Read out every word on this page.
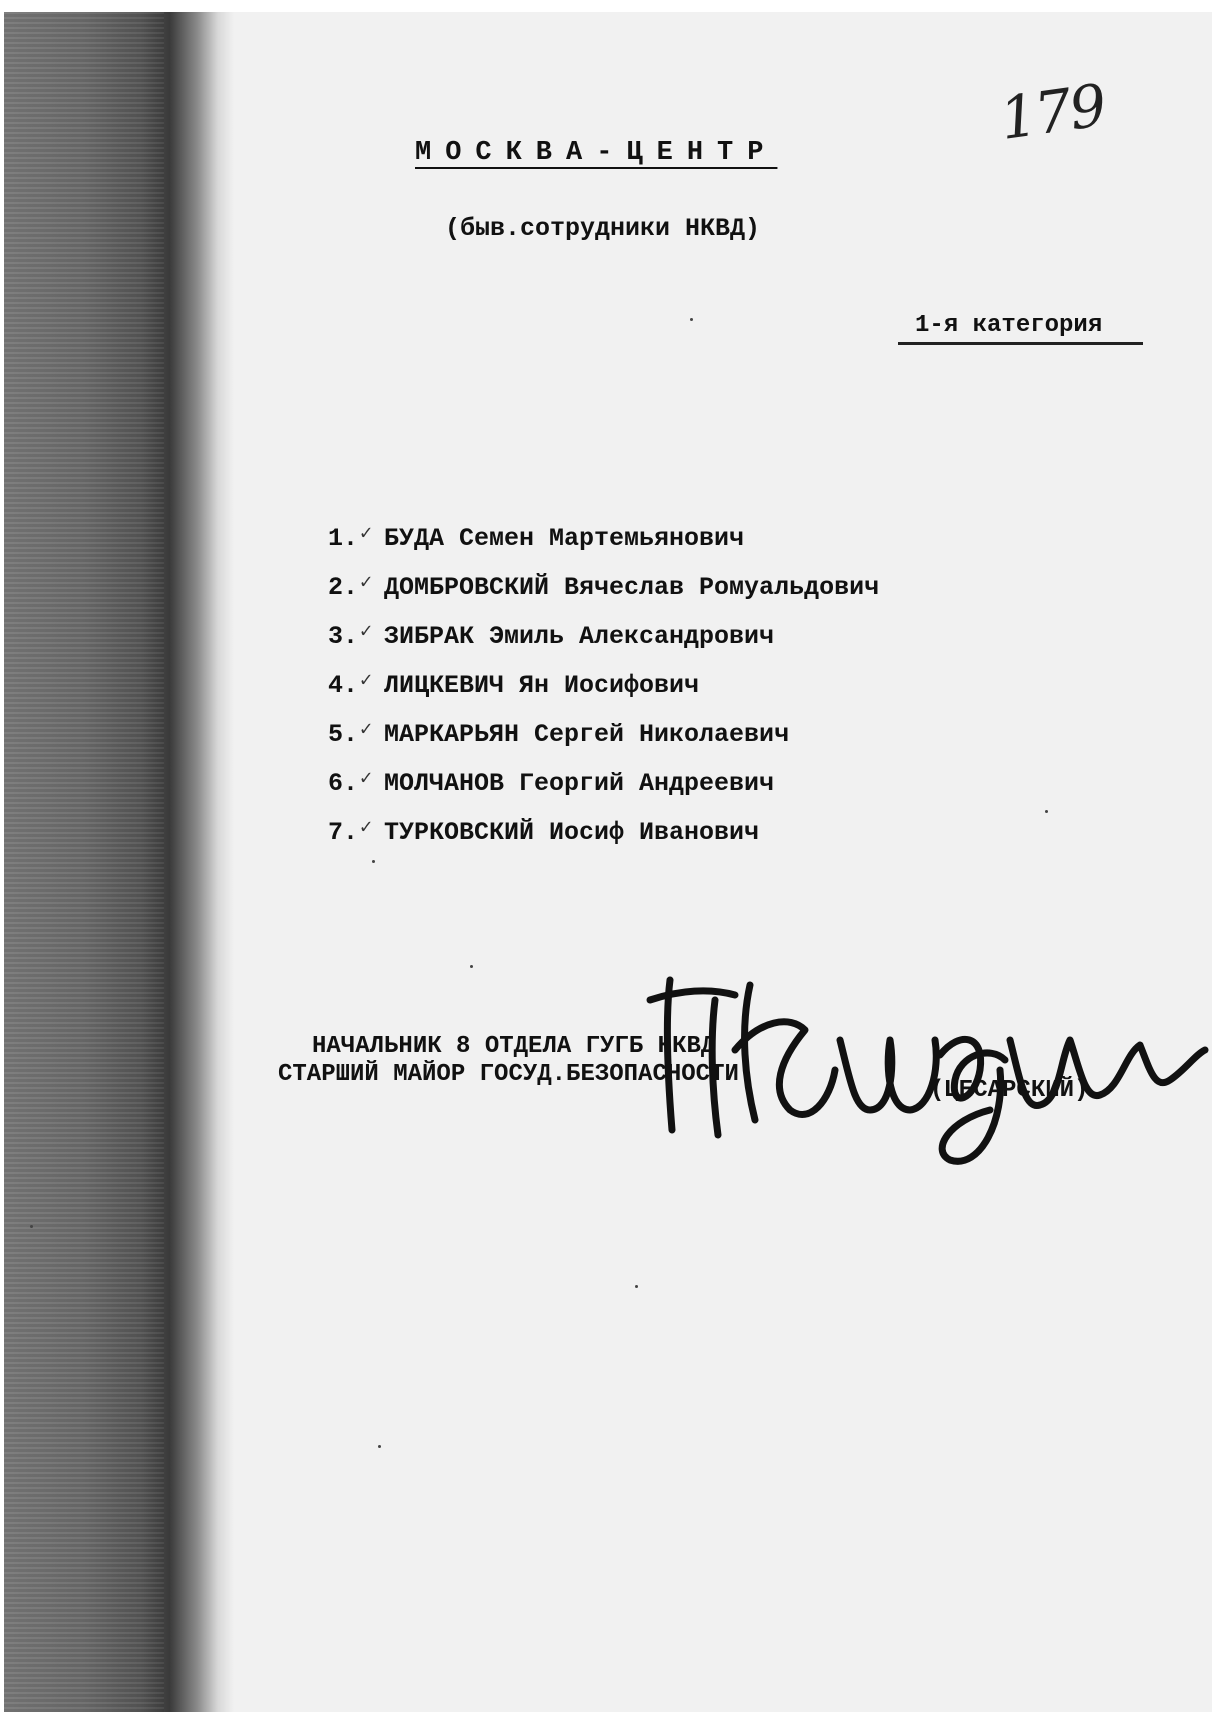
179
МОСКВА-ЦЕНТР
(быв.сотрудники НКВД)
1-я категория
1. ✓ БУДА Семен Мартемьянович
2. ✓ ДОМБРОВСКИЙ Вячеслав Ромуальдович
3. ✓ ЗИБРАК Эмиль Александрович
4. ✓ ЛИЦКЕВИЧ Ян Иосифович
5. ✓ МАРКАРЬЯН Сергей Николаевич
6. ✓ МОЛЧАНОВ Георгий Андреевич
7. ✓ ТУРКОВСКИЙ Иосиф Иванович
НАЧАЛЬНИК 8 ОТДЕЛА ГУГБ НКВД
СТАРШИЙ МАЙОР ГОСУД.БЕЗОПАСНОСТИ
(ЦЕСАРСКИЙ)
